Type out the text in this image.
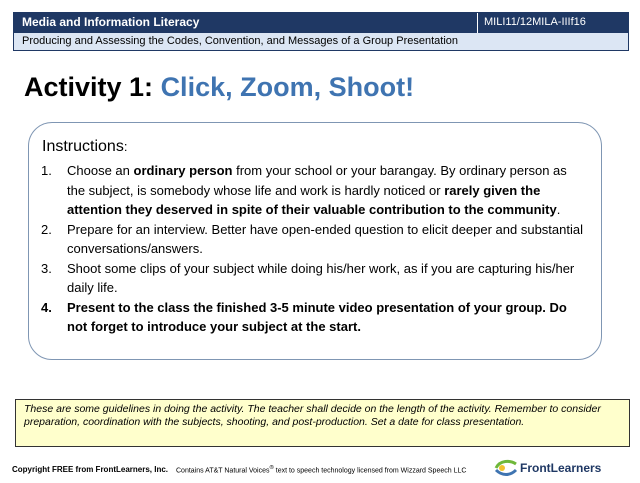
Media and Information Literacy	MILI11/12MILA-IIIf16
Producing and Assessing the Codes, Convention, and Messages of a Group Presentation
Activity 1: Click, Zoom, Shoot!
Instructions:
1. Choose an ordinary person from your school or your barangay. By ordinary person as the subject, is somebody whose life and work is hardly noticed or rarely given the attention they deserved in spite of their valuable contribution to the community.
2. Prepare for an interview. Better have open-ended question to elicit deeper and substantial conversations/answers.
3. Shoot some clips of your subject while doing his/her work, as if you are capturing his/her daily life.
4. Present to the class the finished 3-5 minute video presentation of your group. Do not forget to introduce your subject at the start.
These are some guidelines in doing the activity. The teacher shall decide on the length of the activity. Remember to consider preparation, coordination with the subjects, shooting, and post-production. Set a date for class presentation.
Copyright FREE from FrontLearners, Inc. Contains AT&T Natural Voices® text to speech technology licensed from Wizzard Speech LLC	FrontLearners
